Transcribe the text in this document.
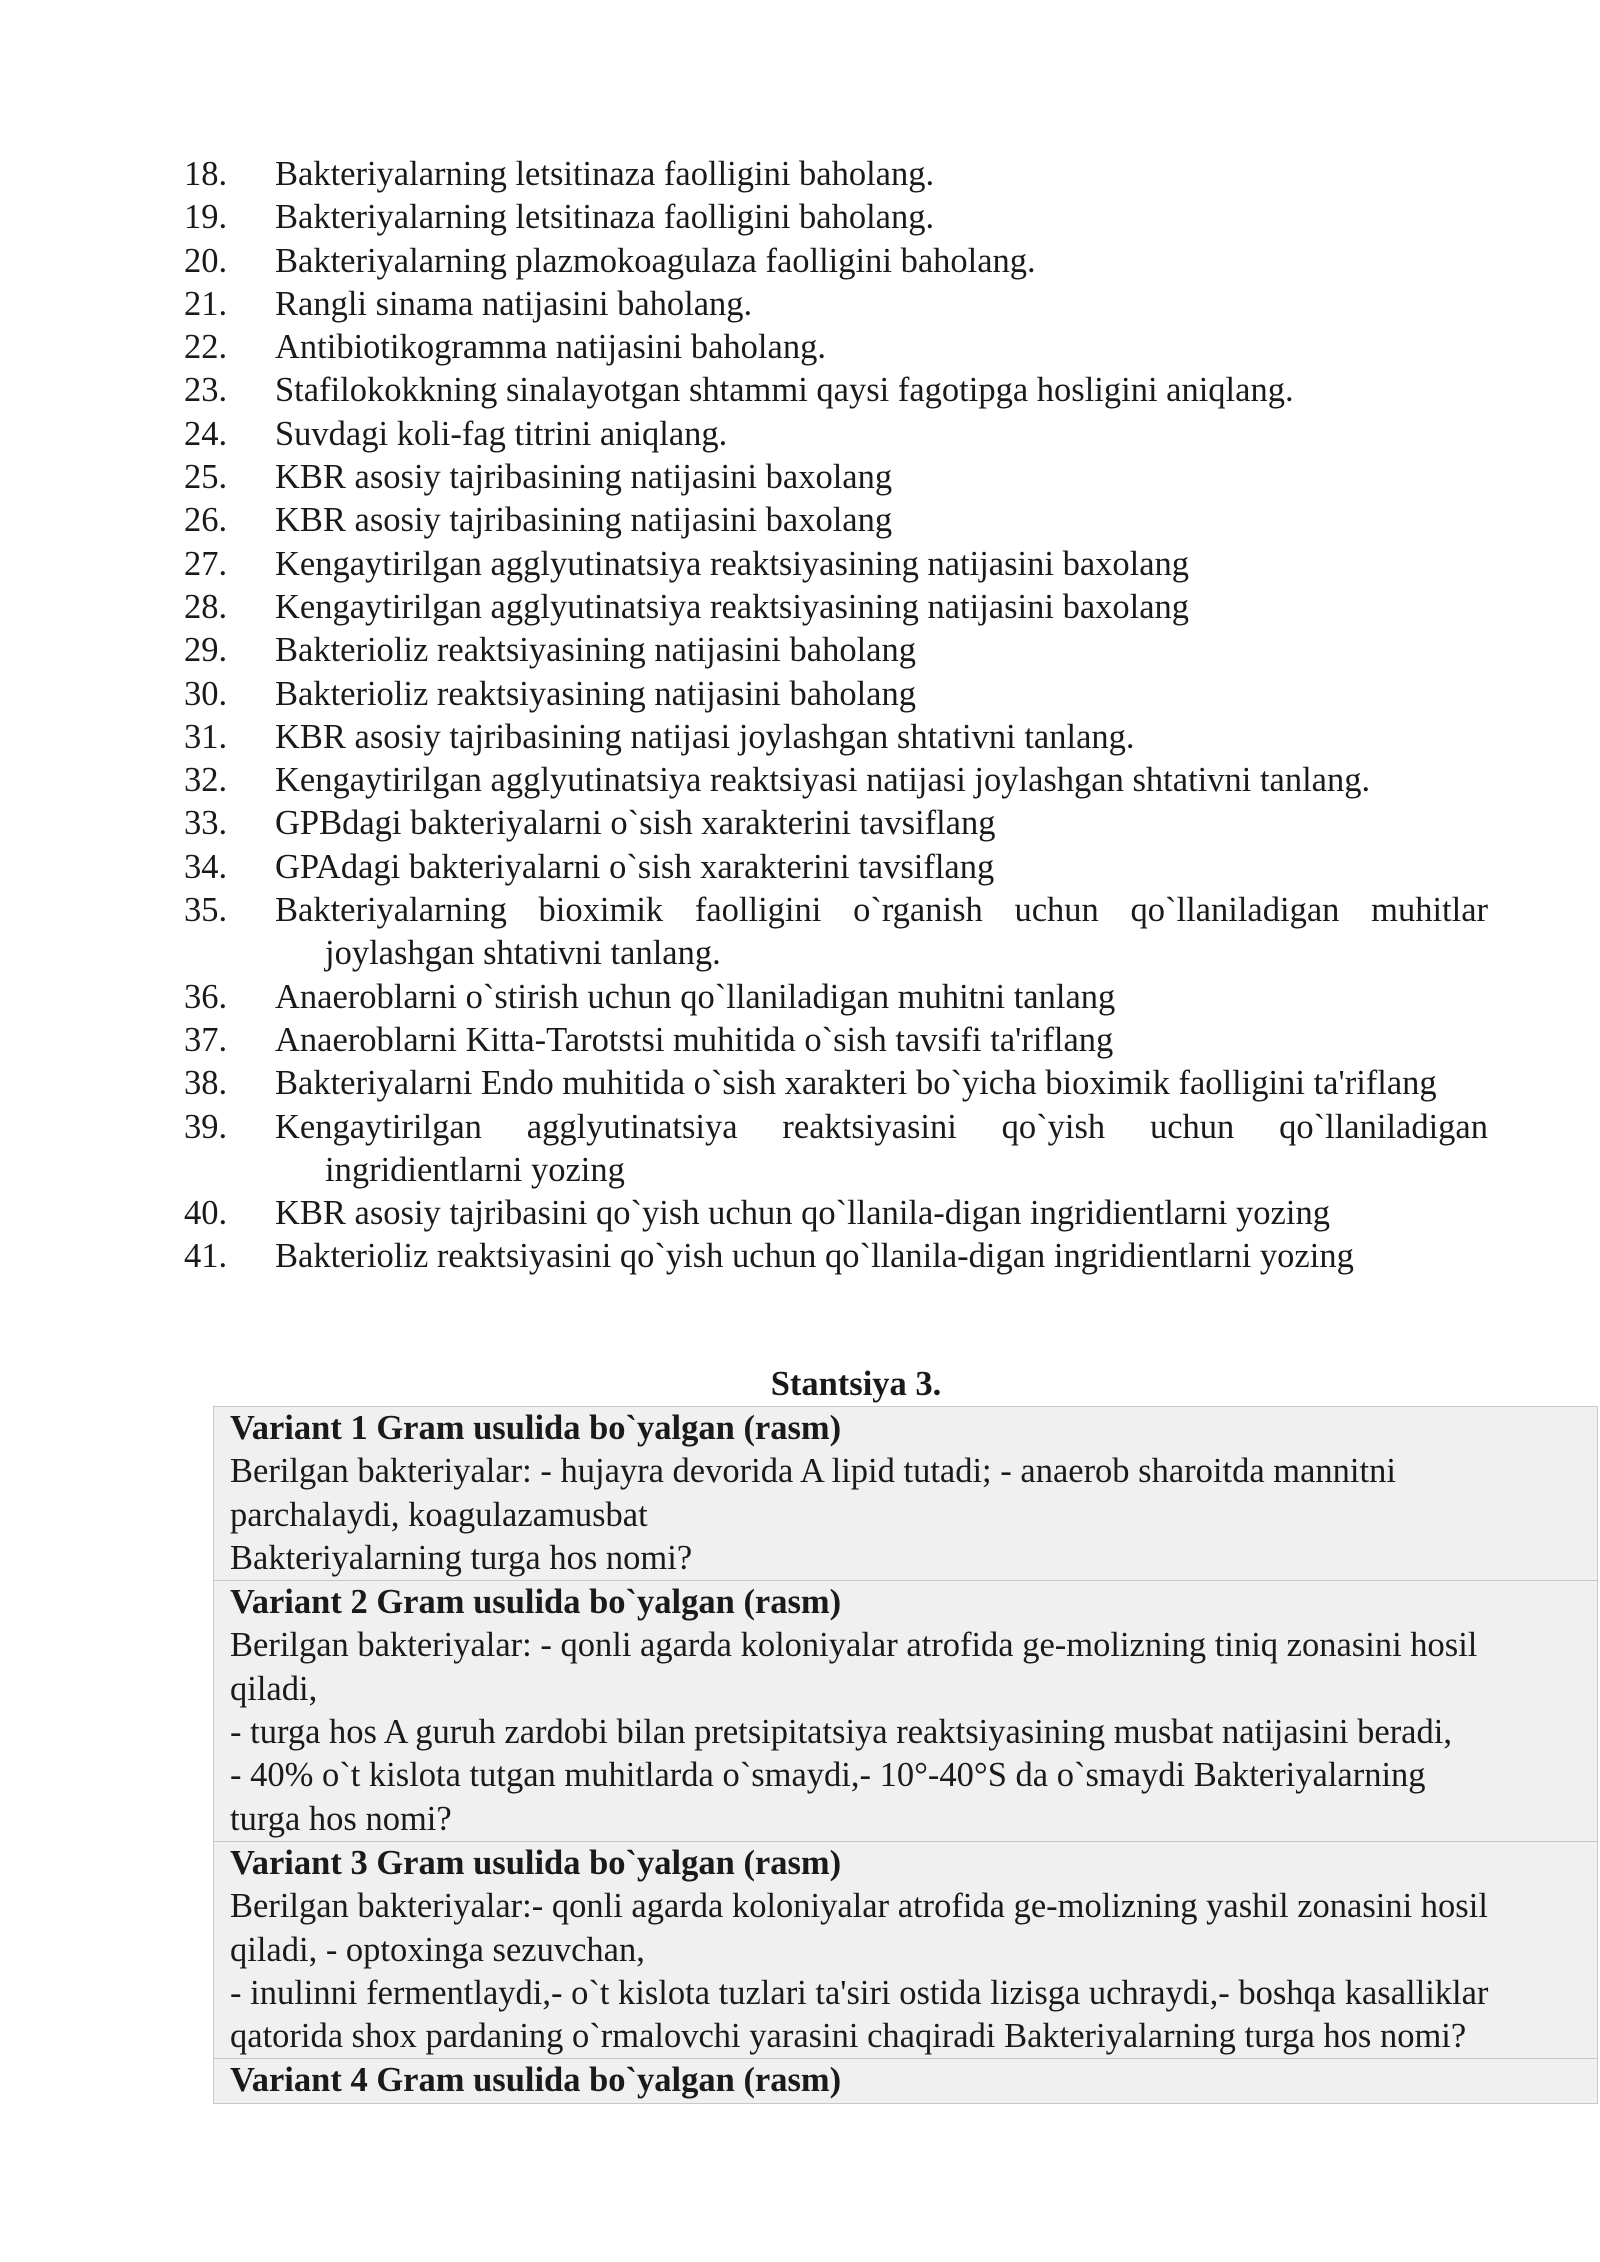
18.	Bakteriyalarning letsitinaza faolligini baholang.
19.	Bakteriyalarning letsitinaza faolligini baholang.
20.	Bakteriyalarning plazmokoagulaza faolligini baholang.
21.	Rangli sinama natijasini baholang.
22.	Antibiotikogramma natijasini baholang.
23.	Stafilokokkning sinalayotgan shtammi qaysi fagotipga hosligini aniqlang.
24.	Suvdagi koli-fag titrini aniqlang.
25.	KBR asosiy tajribasining natijasini baxolang
26.	KBR asosiy tajribasining natijasini baxolang
27.	Kengaytirilgan agglyutinatsiya reaktsiyasining natijasini baxolang
28.	Kengaytirilgan agglyutinatsiya reaktsiyasining natijasini baxolang
29.	Bakterioliz reaktsiyasining natijasini baholang
30.	Bakterioliz reaktsiyasining natijasini baholang
31.	KBR asosiy tajribasining natijasi joylashgan shtativni tanlang.
32.	Kengaytirilgan agglyutinatsiya reaktsiyasi natijasi joylashgan shtativni tanlang.
33.	GPBdagi bakteriyalarni o`sish xarakterini tavsiflang
34.	GPAdagi bakteriyalarni o`sish xarakterini tavsiflang
35.	Bakteriyalarning bioximik faolligini o`rganish uchun qo`llaniladigan muhitlar joylashgan shtativni tanlang.
36.	Anaeroblarni o`stirish uchun qo`llaniladigan muhitni tanlang
37.	Anaeroblarni Kitta-Tarotstsi muhitida o`sish tavsifi ta'riflang
38.	Bakteriyalarni Endo muhitida o`sish xarakteri bo`yicha bioximik faolligini ta'riflang
39.	Kengaytirilgan agglyutinatsiya reaktsiyasini qo`yish uchun qo`llaniladigan ingridientlarni yozing
40.	KBR asosiy tajribasini qo`yish uchun qo`llanila-digan ingridientlarni yozing
41.	Bakterioliz reaktsiyasini qo`yish uchun qo`llanila-digan ingridientlarni yozing
Stantsiya 3.
Variant 1 Gram usulida bo`yalgan (rasm)
Berilgan bakteriyalar: - hujayra devorida A lipid tutadi; - anaerob sharoitda mannitni
parchalaydi, koagulazamusbat
Bakteriyalarning turga hos nomi?

Variant 2 Gram usulida bo`yalgan (rasm)
Berilgan bakteriyalar: - qonli agarda koloniyalar atrofida ge-molizning tiniq zonasini hosil
qiladi,
- turga hos A guruh zardobi bilan pretsipitatsiya reaktsiyasining musbat natijasini beradi,
- 40% o`t kislota tutgan muhitlarda o`smaydi,- 10°-40°S da o`smaydi Bakteriyalarning
turga hos nomi?

Variant 3 Gram usulida bo`yalgan (rasm)
Berilgan bakteriyalar:- qonli agarda koloniyalar atrofida ge-molizning yashil zonasini hosil
qiladi, - optoxinga sezuvchan,
- inulinni fermentlaydi,- o`t kislota tuzlari ta'siri ostida lizisga uchraydi,- boshqa kasalliklar
qatorida shox pardaning o`rmalovchi yarasini chaqiradi Bakteriyalarning turga hos nomi?

Variant 4 Gram usulida bo`yalgan (rasm)
